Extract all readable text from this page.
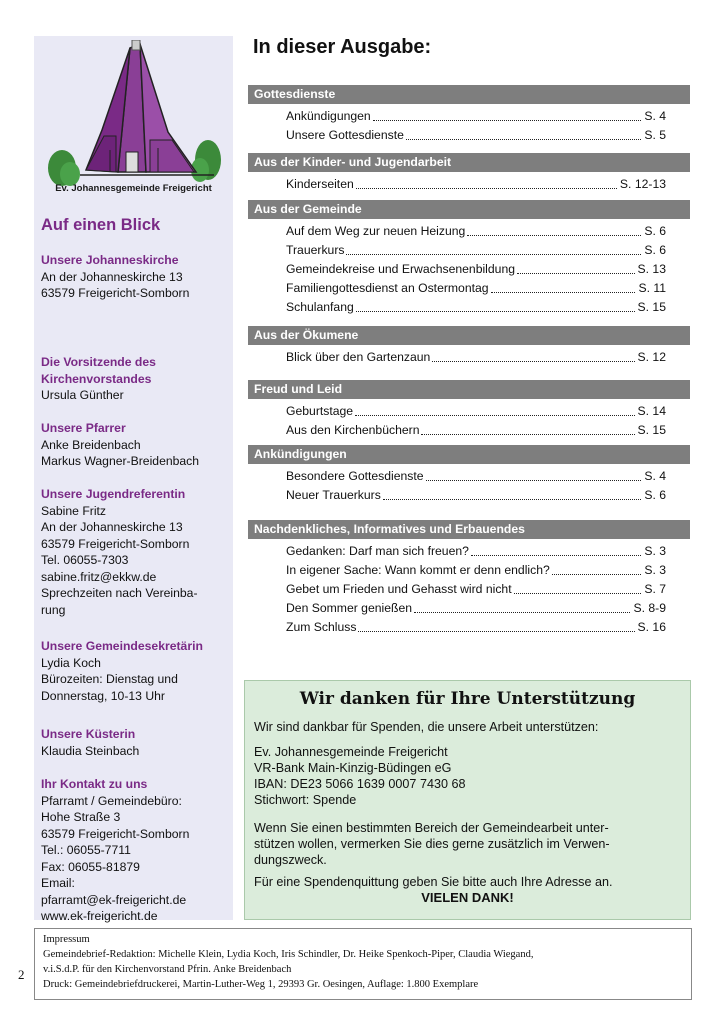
Ev. Johannesgemeinde Freigericht
Auf einen Blick
Unsere Johanneskirche
An der Johanneskirche 13
63579 Freigericht-Somborn
Die Vorsitzende des
Kirchenvorstandes
Ursula Günther
Unsere Pfarrer
Anke Breidenbach
Markus Wagner-Breidenbach
Unsere Jugendreferentin
Sabine Fritz
An der Johanneskirche 13
63579 Freigericht-Somborn
Tel. 06055-7303
sabine.fritz@ekkw.de
Sprechzeiten nach Vereinba-
rung
Unsere Gemeindesekretärin
Lydia Koch
Bürozeiten: Dienstag und
Donnerstag, 10-13 Uhr
Unsere Küsterin
Klaudia Steinbach
Ihr Kontakt zu uns
Pfarramt / Gemeindebüro:
Hohe Straße 3
63579 Freigericht-Somborn
Tel.: 06055-7711
Fax: 06055-81879
Email:
pfarramt@ek-freigericht.de
www.ek-freigericht.de
In dieser Ausgabe:
Gottesdienste
Ankündigungen	S. 4
Unsere Gottesdienste	S. 5
Aus der Kinder- und Jugendarbeit
Kinderseiten	S. 12-13
Aus der Gemeinde
Auf dem Weg zur neuen Heizung	S. 6
Trauerkurs	S. 6
Gemeindekreise und Erwachsenenbildung	S. 13
Familiengottesdienst an Ostermontag	S. 11
Schulanfang	S. 15
Aus der Ökumene
Blick über den Gartenzaun	S. 12
Freud und Leid
Geburtstage	S. 14
Aus den Kirchenbüchern	S. 15
Ankündigungen
Besondere Gottesdienste	S. 4
Neuer Trauerkurs	S. 6
Nachdenkliches, Informatives und Erbauendes
Gedanken: Darf man sich freuen?	S. 3
In eigener Sache: Wann kommt er denn endlich?	S. 3
Gebet um Frieden und Gehasst wird nicht	S. 7
Den Sommer genießen	S. 8-9
Zum Schluss	S. 16
Wir danken für Ihre Unterstützung
Wir sind dankbar für Spenden, die unsere Arbeit unterstützen:
Ev. Johannesgemeinde Freigericht
VR-Bank Main-Kinzig-Büdingen eG
IBAN: DE23 5066 1639 0007 7430 68
Stichwort: Spende
Wenn Sie einen bestimmten Bereich der Gemeindearbeit unter-
stützen wollen, vermerken Sie dies gerne zusätzlich im Verwen-
dungszweck.
Für eine Spendenquittung geben Sie bitte auch Ihre Adresse an.
VIELEN DANK!
Impressum
Gemeindebrief-Redaktion: Michelle Klein, Lydia Koch, Iris Schindler, Dr. Heike Spenkoch-Piper, Claudia Wiegand,
v.i.S.d.P. für den Kirchenvorstand Pfrin. Anke Breidenbach
Druck: Gemeindebriefdruckerei, Martin-Luther-Weg 1, 29393 Gr. Oesingen, Auflage: 1.800 Exemplare
2
